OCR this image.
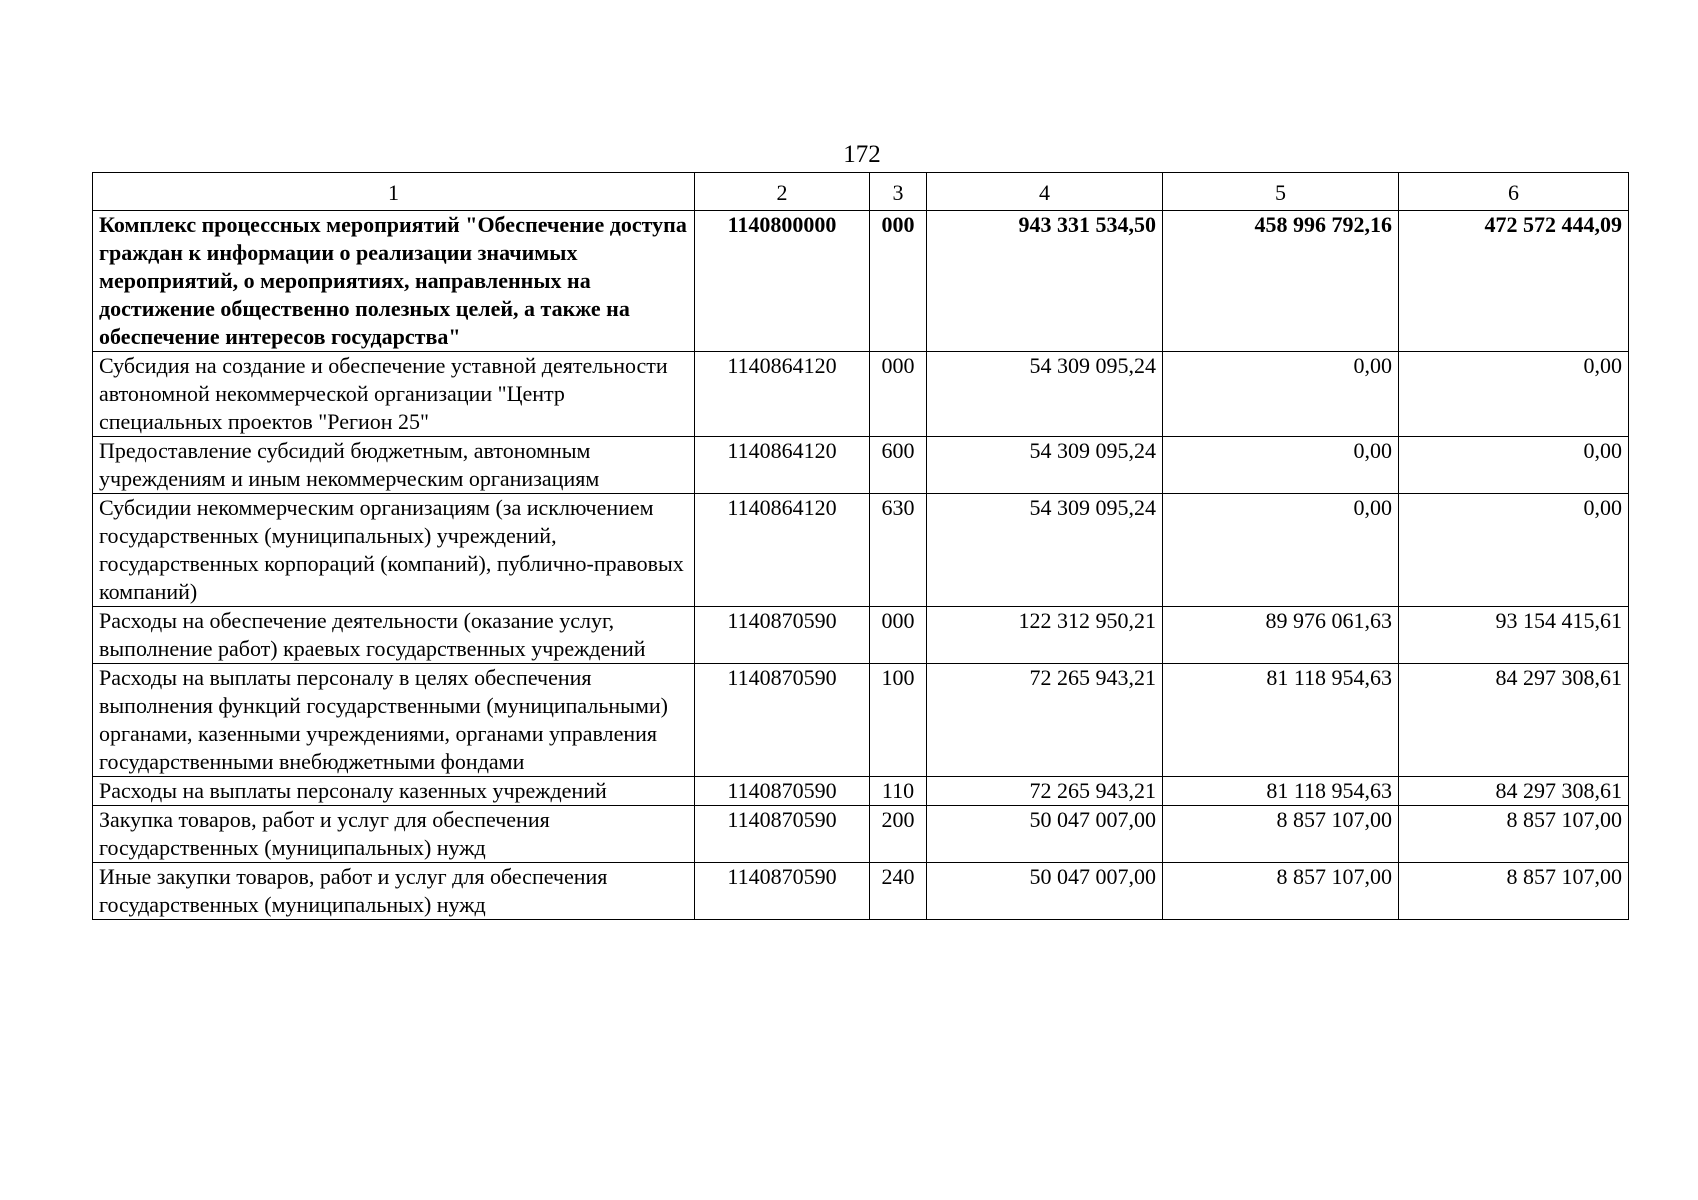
172
1	2	3	4	5	6
Комплекс процессных мероприятий "Обеспечение доступа граждан к информации о реализации значимых мероприятий, о мероприятиях, направленных на достижение общественно полезных целей, а также на обеспечение интересов государства"	1140800000	000	943 331 534,50	458 996 792,16	472 572 444,09
Субсидия на создание и обеспечение уставной деятельности автономной некоммерческой организации "Центр специальных проектов "Регион 25"	1140864120	000	54 309 095,24	0,00	0,00
Предоставление субсидий бюджетным, автономным учреждениям и иным некоммерческим организациям	1140864120	600	54 309 095,24	0,00	0,00
Субсидии некоммерческим организациям (за исключением государственных (муниципальных) учреждений, государственных корпораций (компаний), публично-правовых компаний)	1140864120	630	54 309 095,24	0,00	0,00
Расходы на обеспечение деятельности (оказание услуг, выполнение работ) краевых государственных учреждений	1140870590	000	122 312 950,21	89 976 061,63	93 154 415,61
Расходы на выплаты персоналу в целях обеспечения выполнения функций государственными (муниципальными) органами, казенными учреждениями, органами управления государственными внебюджетными фондами	1140870590	100	72 265 943,21	81 118 954,63	84 297 308,61
Расходы на выплаты персоналу казенных учреждений	1140870590	110	72 265 943,21	81 118 954,63	84 297 308,61
Закупка товаров, работ и услуг для обеспечения государственных (муниципальных) нужд	1140870590	200	50 047 007,00	8 857 107,00	8 857 107,00
Иные закупки товаров, работ и услуг для обеспечения государственных (муниципальных) нужд	1140870590	240	50 047 007,00	8 857 107,00	8 857 107,00
